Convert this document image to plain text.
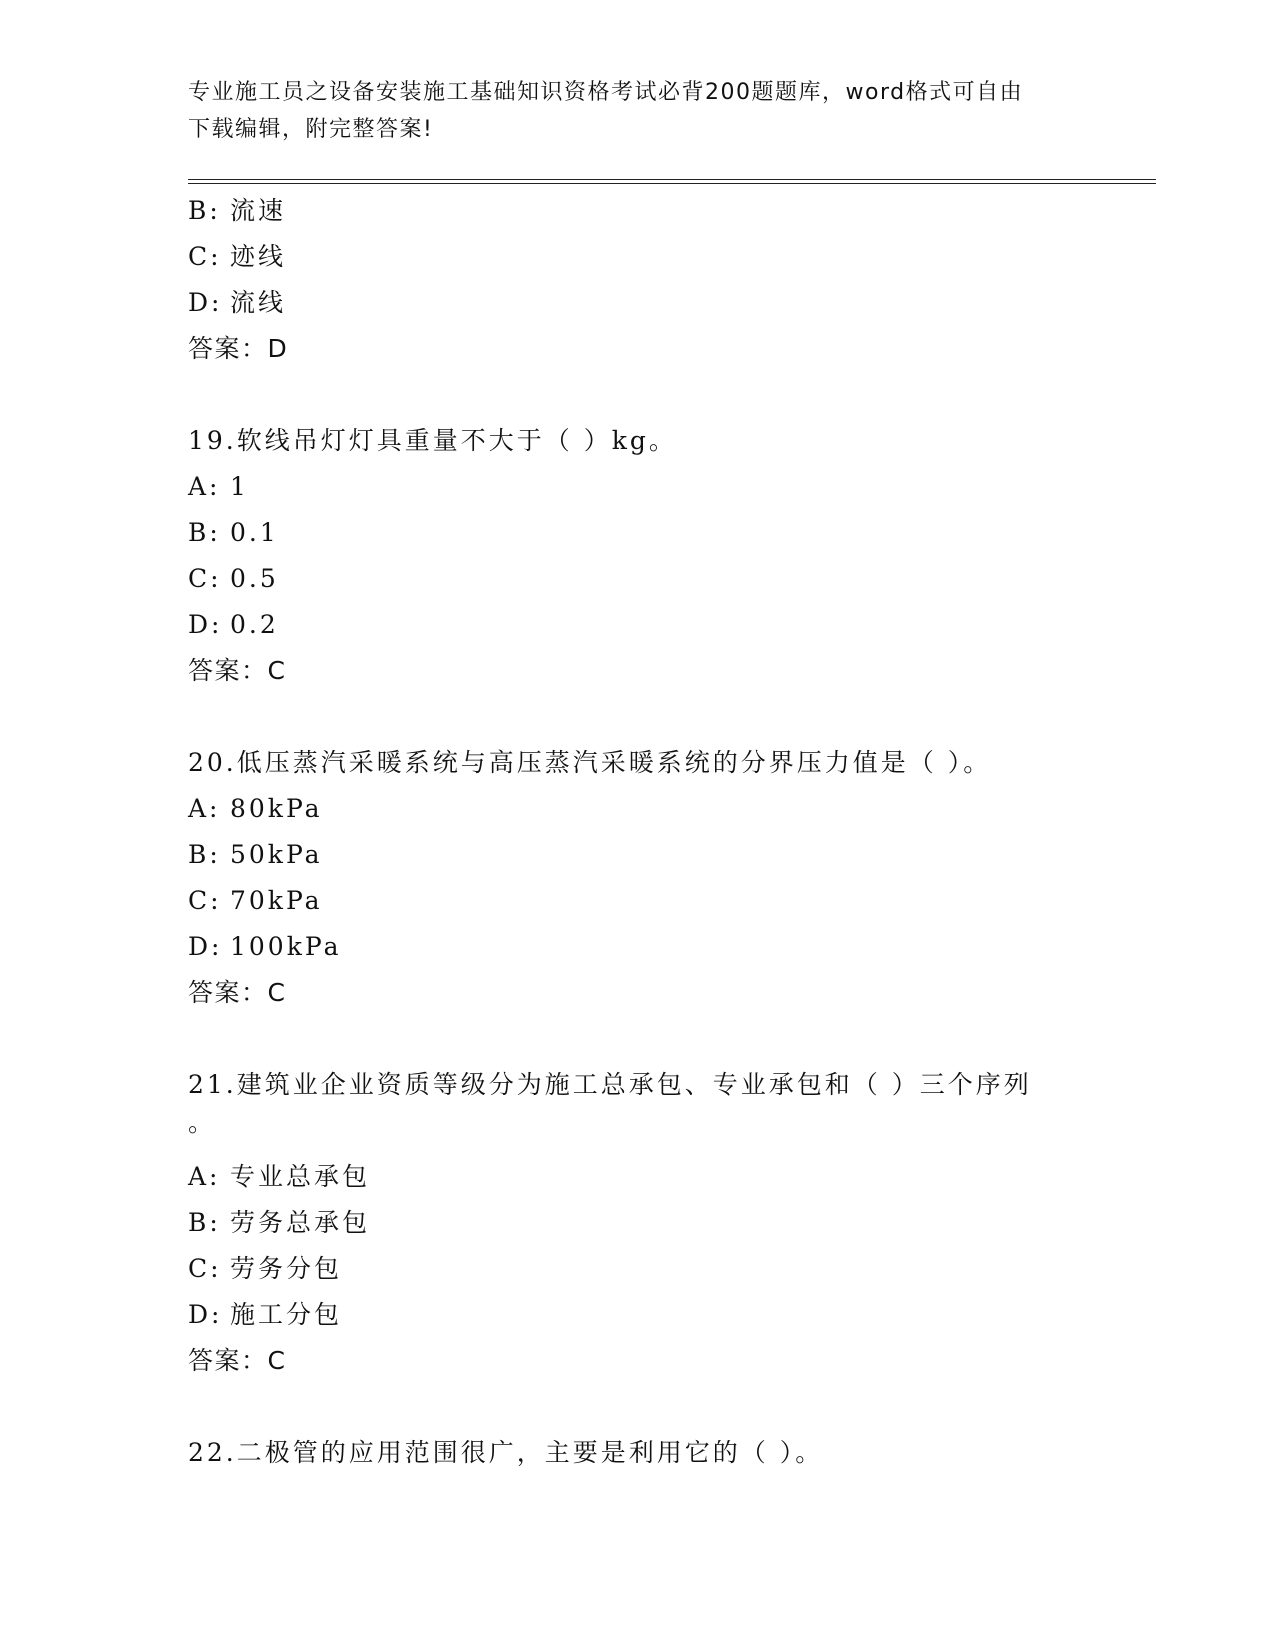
专业施工员之设备安装施工基础知识资格考试必背200题题库，word格式可自由
下载编辑，附完整答案!
B: 流速
C: 迹线
D: 流线
答案：D
19.软线吊灯灯具重量不大于（ ）kg。
A: 1
B: 0.1
C: 0.5
D: 0.2
答案：C
20.低压蒸汽采暖系统与高压蒸汽采暖系统的分界压力值是（ ）。
A: 80kPa
B: 50kPa
C: 70kPa
D: 100kPa
答案：C
21.建筑业企业资质等级分为施工总承包、专业承包和（ ）三个序列
。
A: 专业总承包
B: 劳务总承包
C: 劳务分包
D: 施工分包
答案：C
22.二极管的应用范围很广，主要是利用它的（ ）。
